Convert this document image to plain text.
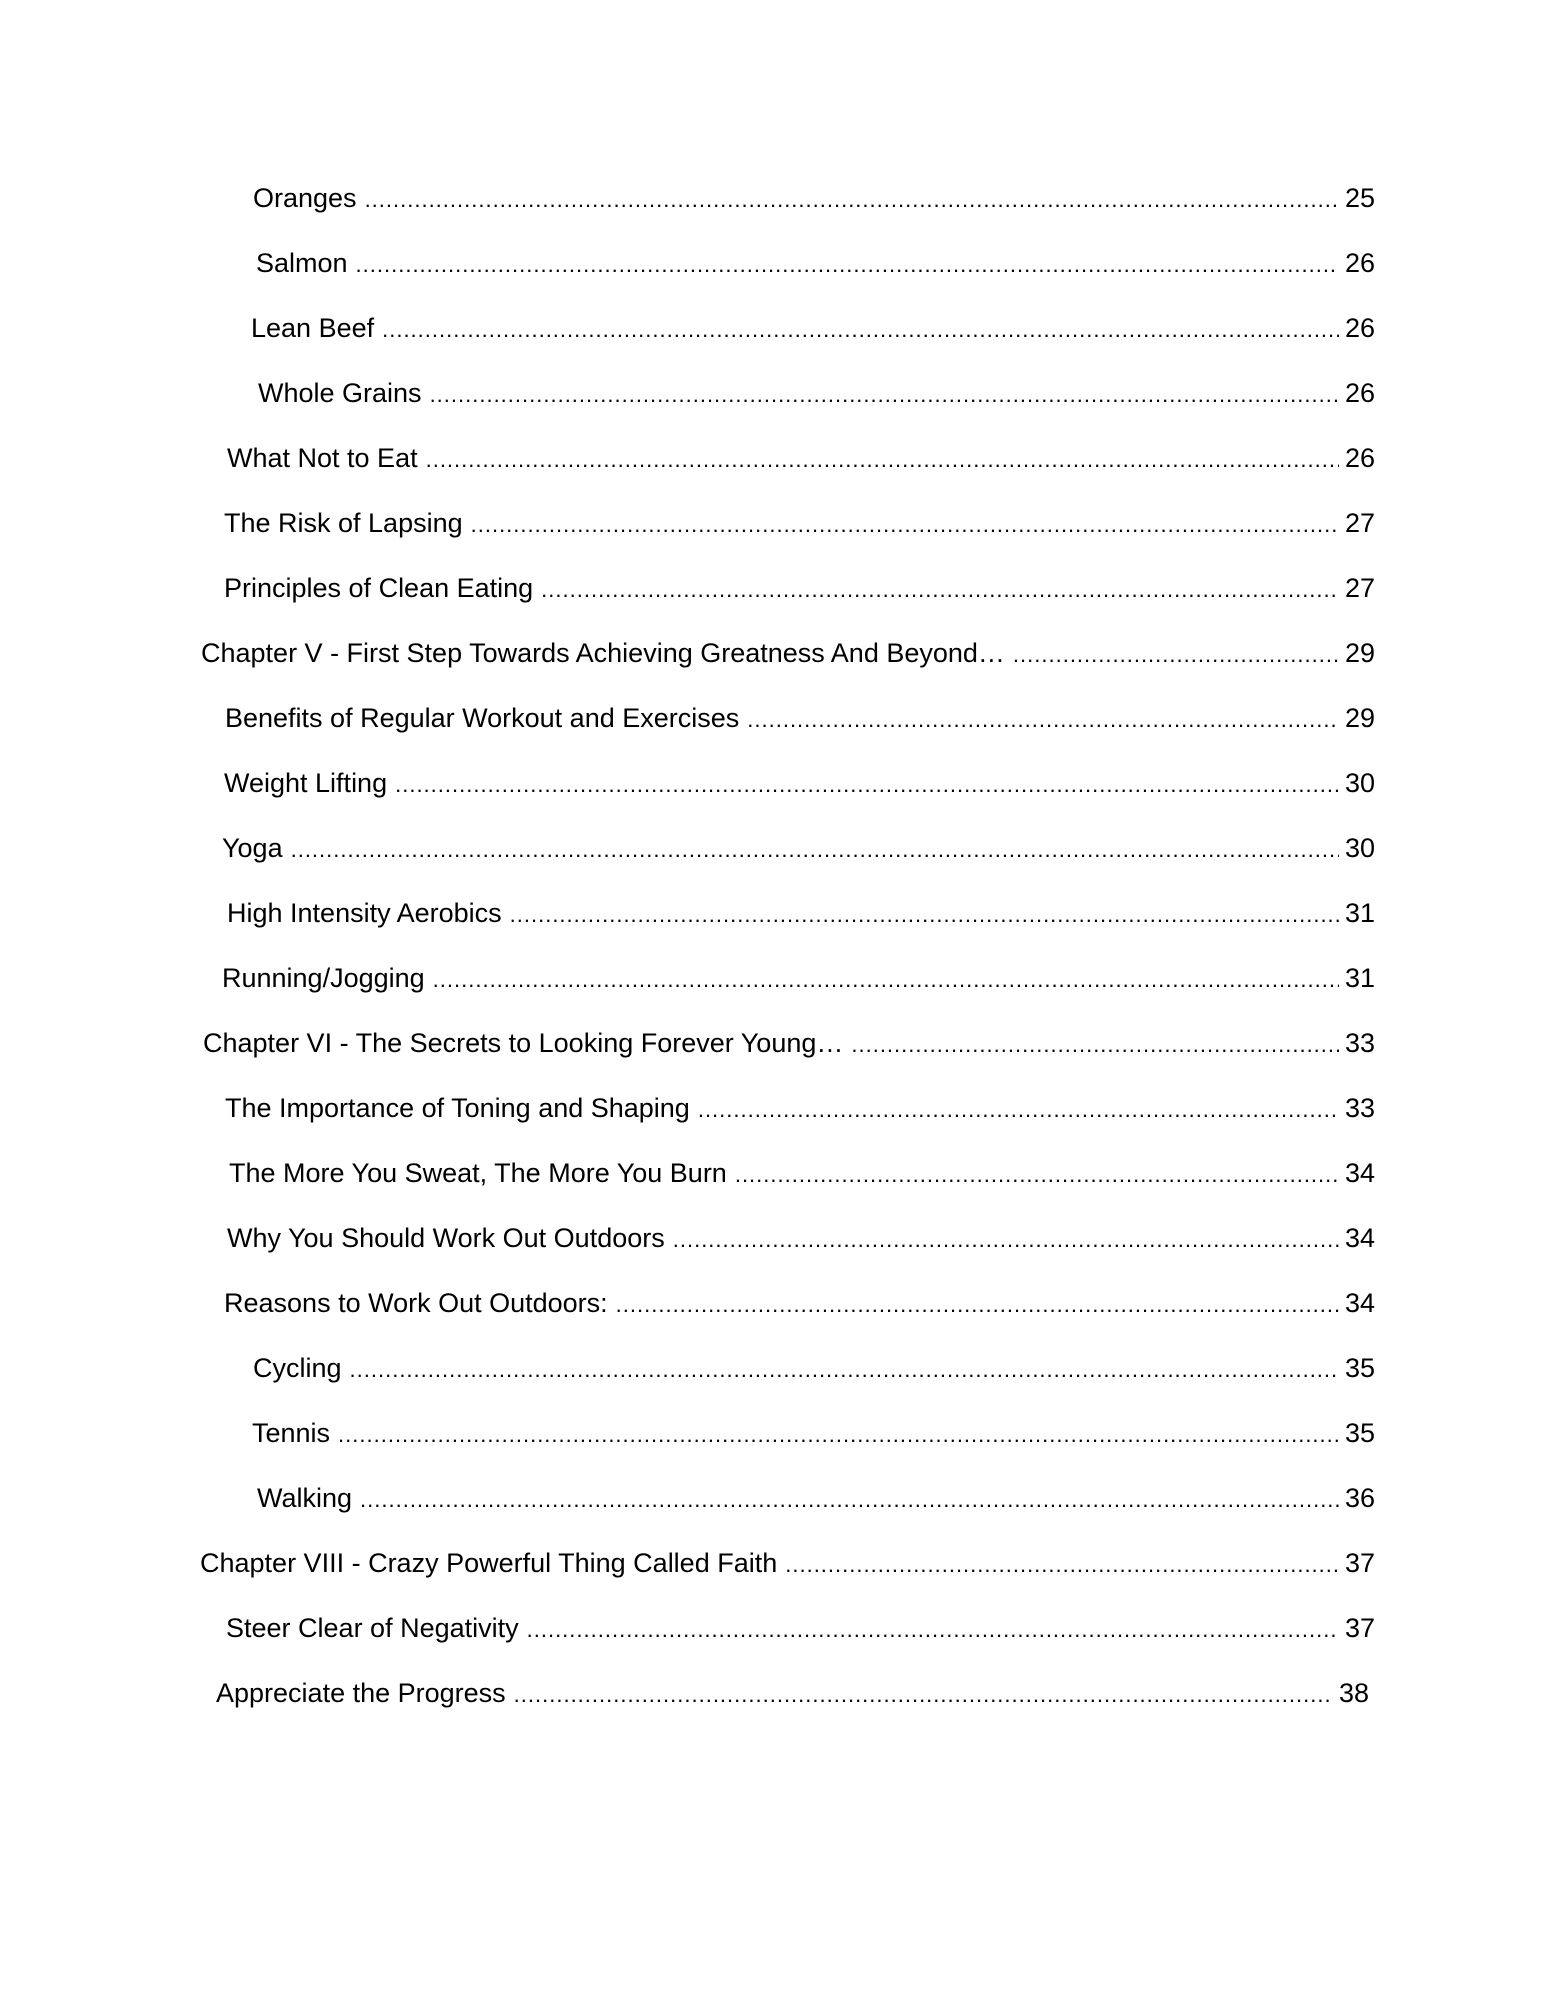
Oranges .....	25
Salmon .....	26
Lean Beef .....	26
Whole Grains .....	26
What Not to Eat .....	26
The Risk of Lapsing .....	27
Principles of Clean Eating .....	27
Chapter V - First Step Towards Achieving Greatness And Beyond… .....	29
Benefits of Regular Workout and Exercises .....	29
Weight Lifting .....	30
Yoga .....	30
High Intensity Aerobics .....	31
Running/Jogging .....	31
Chapter VI - The Secrets to Looking Forever Young… .....	33
The Importance of Toning and Shaping .....	33
The More You Sweat, The More You Burn .....	34
Why You Should Work Out Outdoors .....	34
Reasons to Work Out Outdoors: .....	34
Cycling .....	35
Tennis .....	35
Walking .....	36
Chapter VIII - Crazy Powerful Thing Called Faith .....	37
Steer Clear of Negativity .....	37
Appreciate the Progress .....	38
